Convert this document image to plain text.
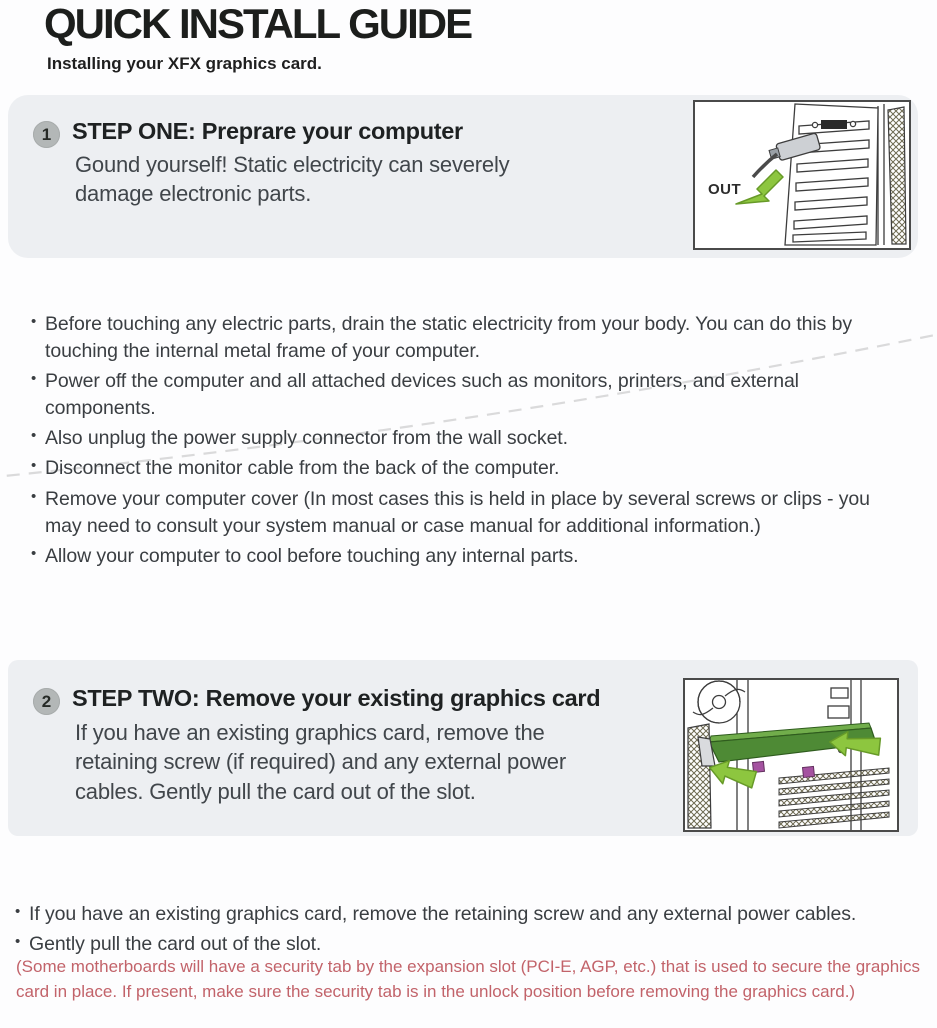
QUICK INSTALL GUIDE
Installing your XFX graphics card.
1 STEP ONE: Preprare your computer

Gound yourself! Static electricity can severely damage electronic parts.	OUT
• Before touching any electric parts, drain the static electricity from your body. You can do this by touching the internal metal frame of your computer.
• Power off the computer and all attached devices such as monitors, printers, and external components.
• Also unplug the power supply connector from the wall socket.
• Disconnect the monitor cable from the back of the computer.
• Remove your computer cover (In most cases this is held in place by several screws or clips - you may need to consult your system manual or case manual for additional information.)
• Allow your computer to cool before touching any internal parts.
2 STEP TWO: Remove your existing graphics card

If you have an existing graphics card, remove the retaining screw (if required) and any external power cables. Gently pull the card out of the slot.

• If you have an existing graphics card, remove the retaining screw and any external power cables.
• Gently pull the card out of the slot.

(Some motherboards will have a security tab by the expansion slot (PCI-E, AGP, etc.) that is used to secure the graphics card in place. If present, make sure the security tab is in the unlock position before removing the graphics card.)
